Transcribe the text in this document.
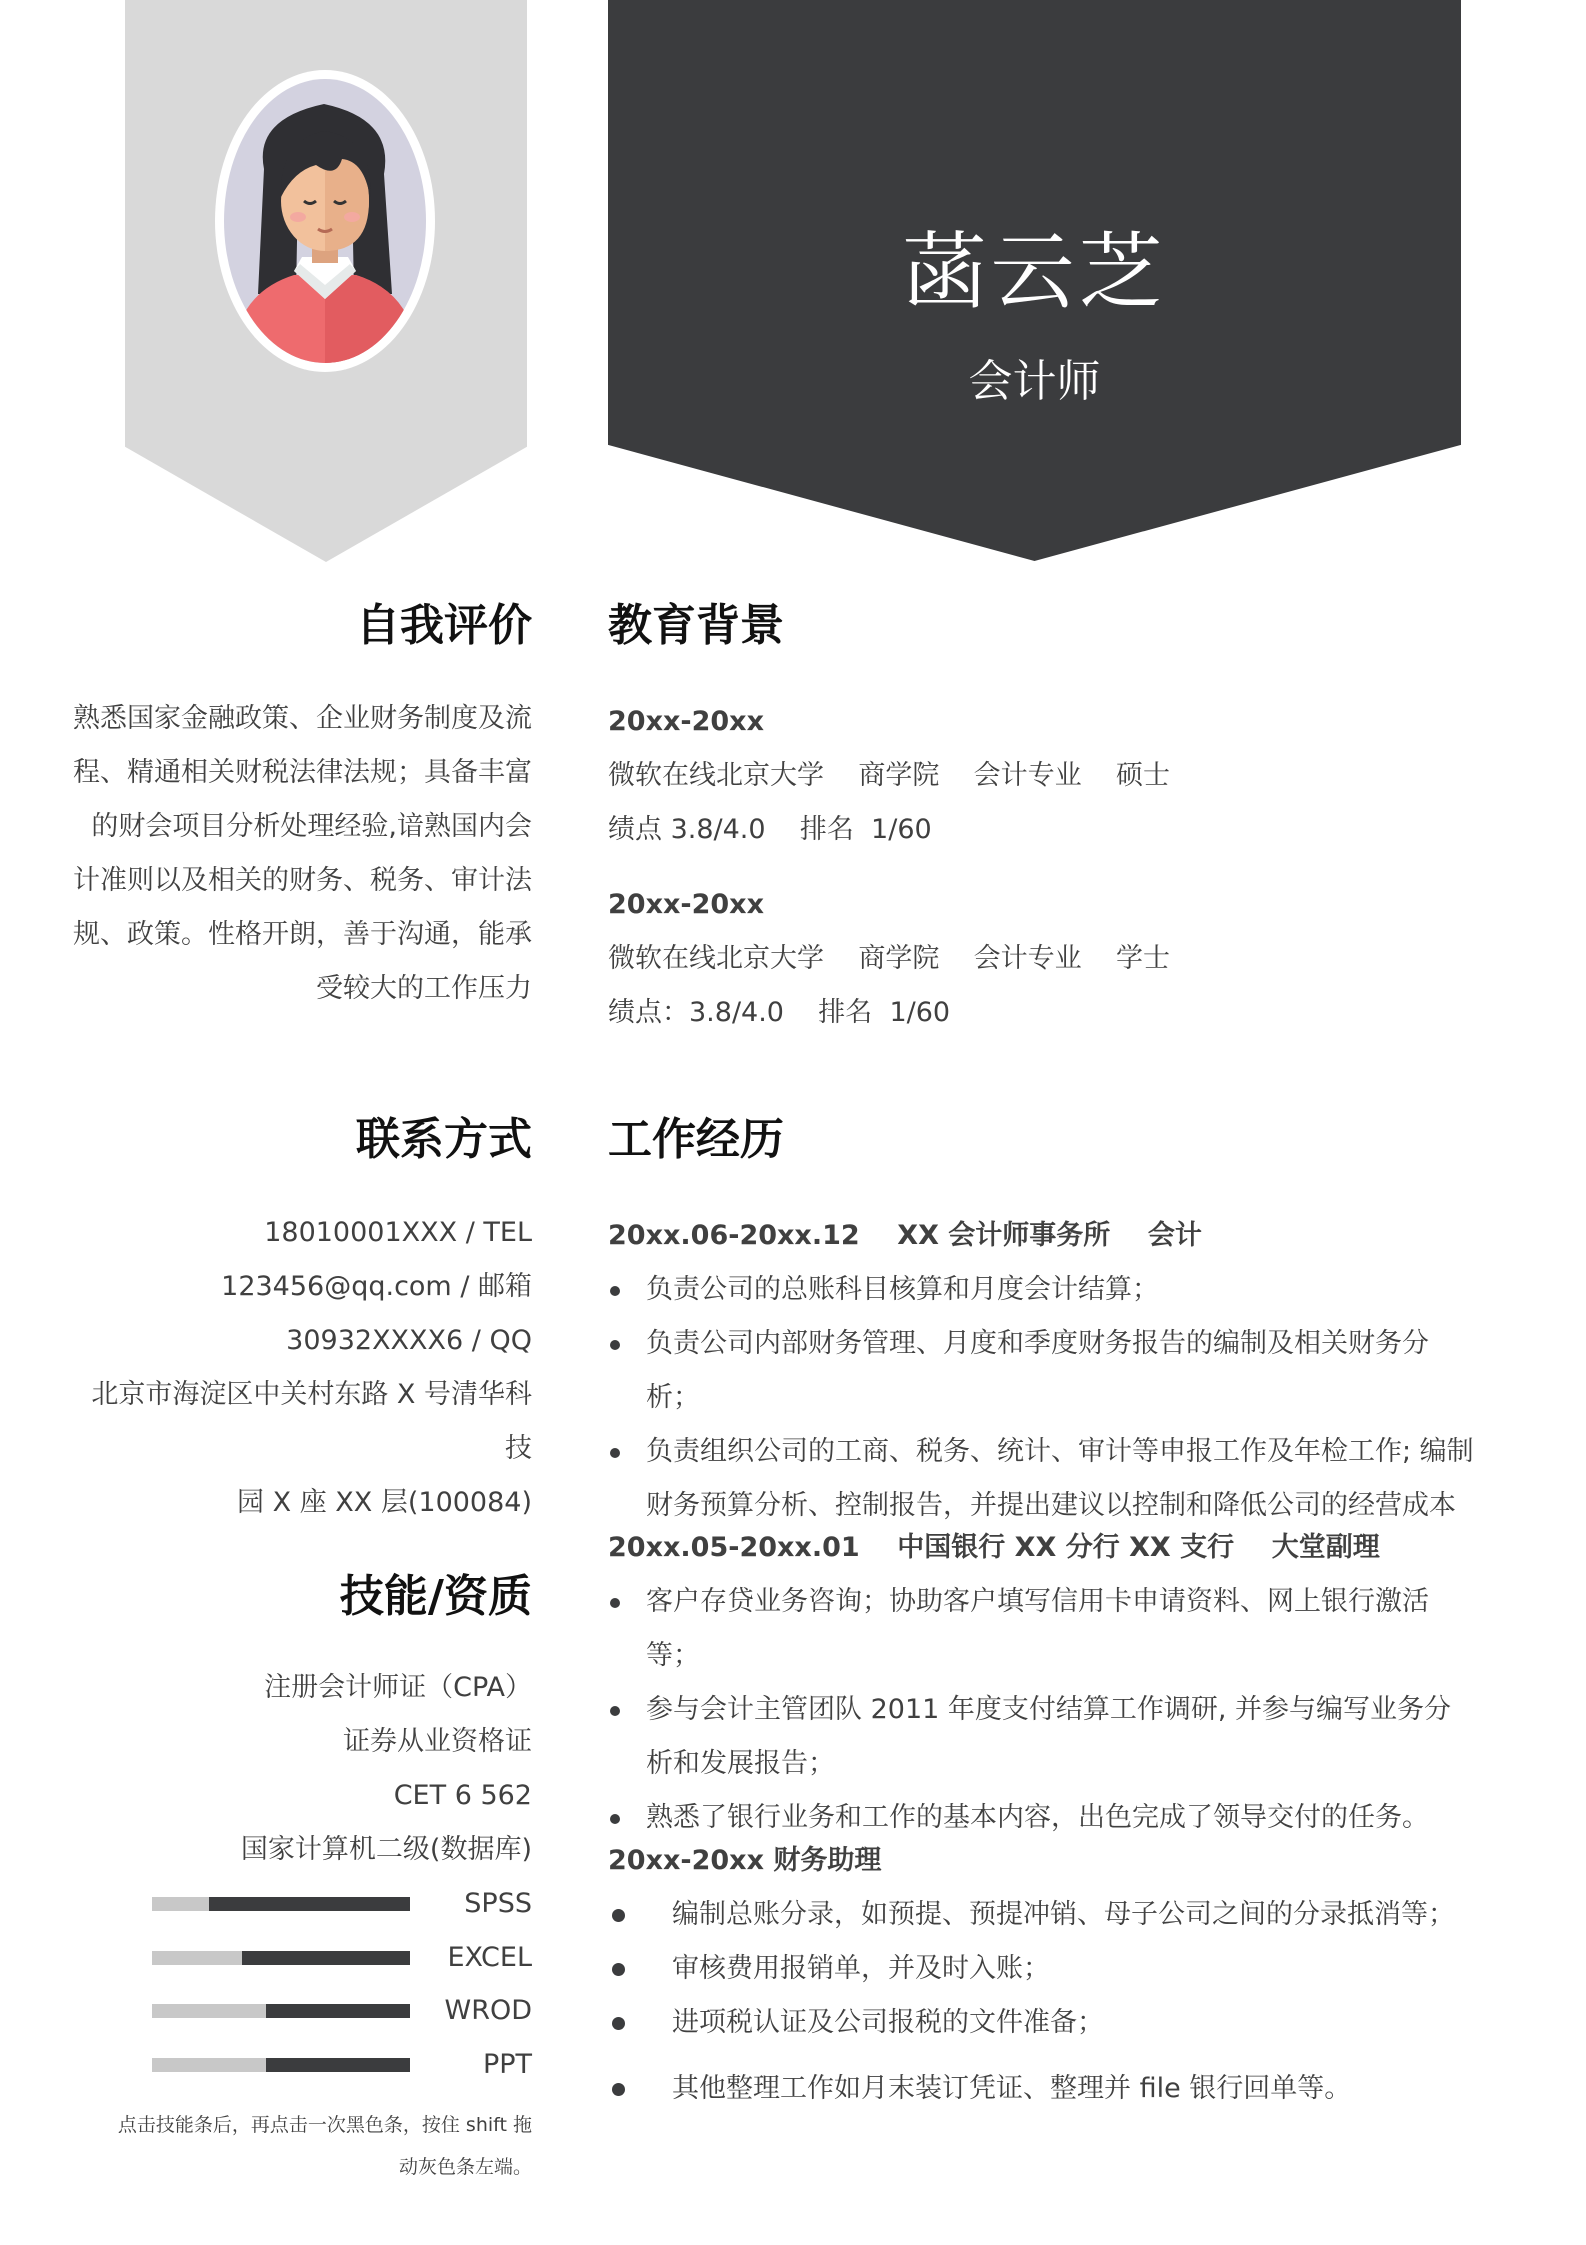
菡云芝
会计师
自我评价
熟悉国家金融政策、企业财务制度及流
程、精通相关财税法律法规；具备丰富
的财会项目分析处理经验,谙熟国内会
计准则以及相关的财务、税务、审计法
规、政策。性格开朗，善于沟通，能承
受较大的工作压力
联系方式
18010001XXX / TEL
123456@qq.com / 邮箱
30932XXXX6 / QQ
北京市海淀区中关村东路 X 号清华科技
园 X 座 XX 层(100084)
技能/资质
注册会计师证（CPA）
证券从业资格证
CET 6 562
国家计算机二级(数据库)
SPSS
EXCEL
WROD
PPT
点击技能条后，再点击一次黑色条，按住 shift 拖
动灰色条左端。
教育背景
20xx-20xx
微软在线北京大学    商学院    会计专业    硕士
绩点 3.8/4.0    排名  1/60
20xx-20xx
微软在线北京大学    商学院    会计专业    学士
绩点：3.8/4.0    排名  1/60
工作经历
20xx.06-20xx.12    XX 会计师事务所    会计
负责公司的总账科目核算和月度会计结算；
负责公司内部财务管理、月度和季度财务报告的编制及相关财务分析；
负责组织公司的工商、税务、统计、审计等申报工作及年检工作; 编制财务预算分析、控制报告，并提出建议以控制和降低公司的经营成本
20xx.05-20xx.01    中国银行 XX 分行 XX 支行    大堂副理
客户存贷业务咨询；协助客户填写信用卡申请资料、网上银行激活等；
参与会计主管团队 2011 年度支付结算工作调研, 并参与编写业务分析和发展报告；
熟悉了银行业务和工作的基本内容，出色完成了领导交付的任务。
20xx-20xx 财务助理
编制总账分录，如预提、预提冲销、母子公司之间的分录抵消等；
审核费用报销单，并及时入账；
进项税认证及公司报税的文件准备；
其他整理工作如月末装订凭证、整理并 file 银行回单等。
